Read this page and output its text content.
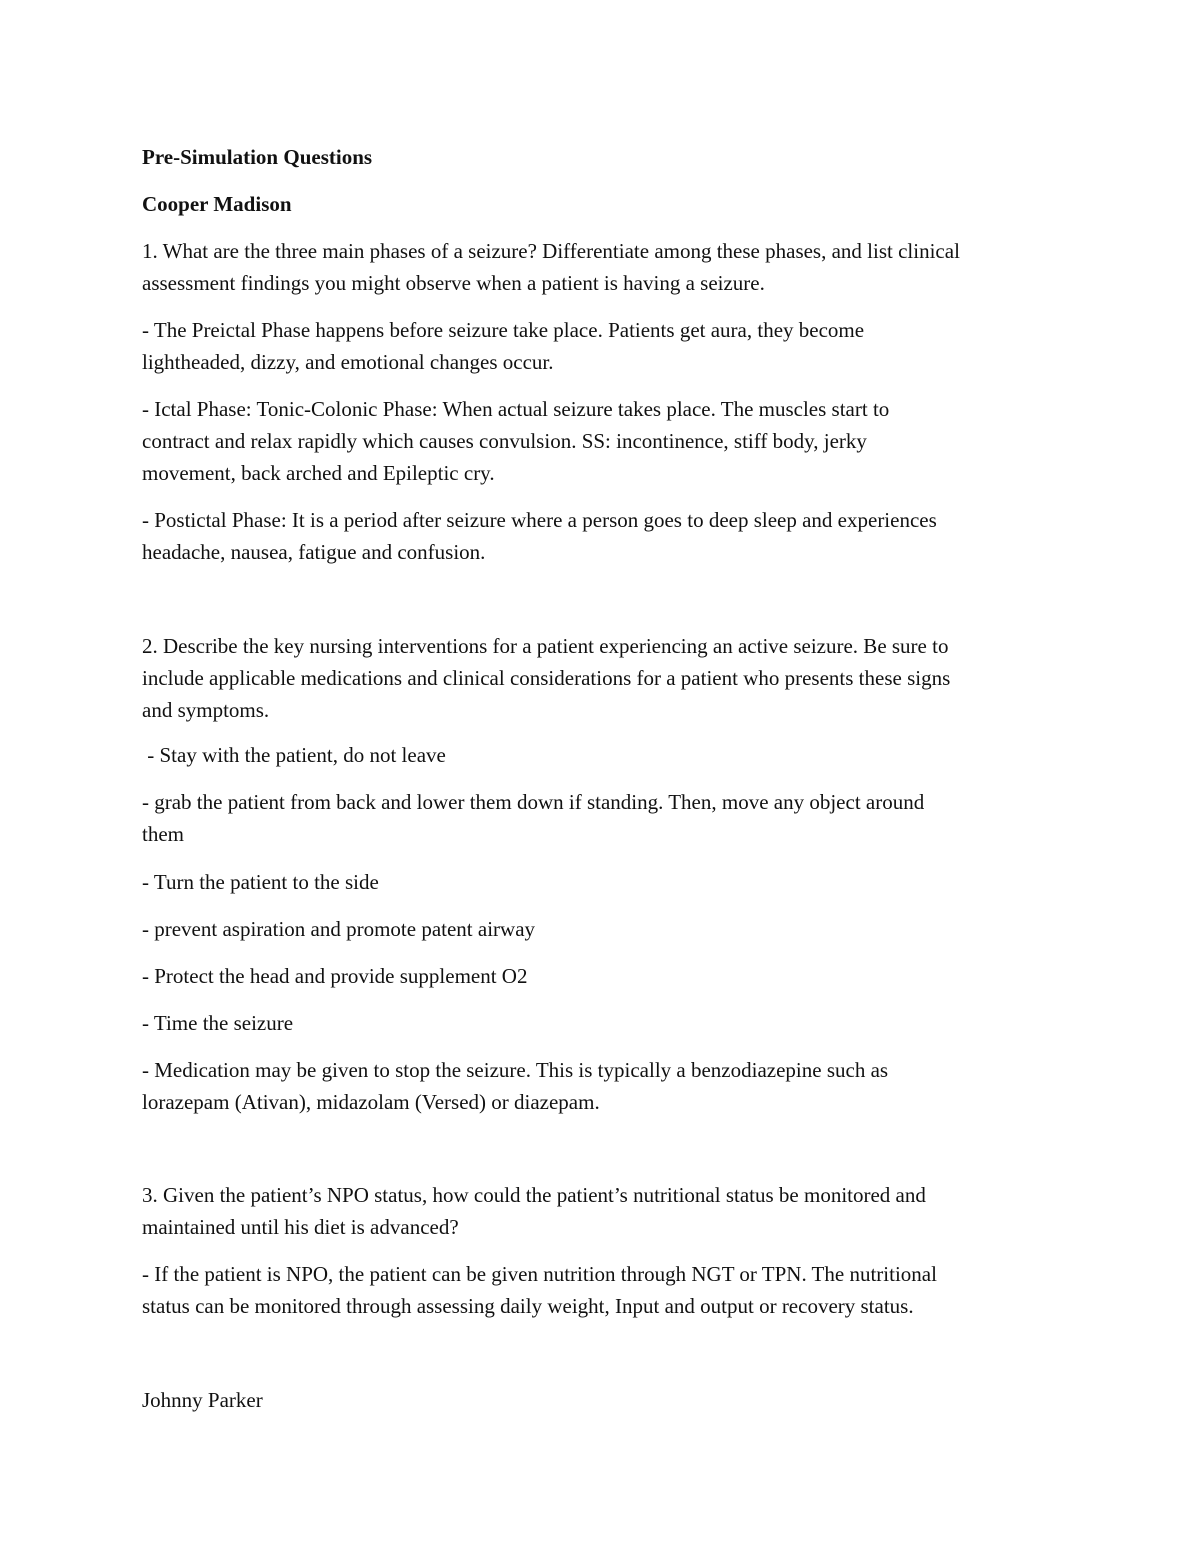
Pre-Simulation Questions

Cooper Madison

1. What are the three main phases of a seizure? Differentiate among these phases, and list clinical

assessment findings you might observe when a patient is having a seizure.

- The Preictal Phase happens before seizure take place. Patients get aura, they become

lightheaded, dizzy, and emotional changes occur.

- Ictal Phase: Tonic-Colonic Phase: When actual seizure takes place. The muscles start to

contract and relax rapidly which causes convulsion. SS: incontinence, stiff body, jerky

movement, back arched and Epileptic cry.

- Postictal Phase: It is a period after seizure where a person goes to deep sleep and experiences

headache, nausea, fatigue and confusion.

2. Describe the key nursing interventions for a patient experiencing an active seizure. Be sure to

include applicable medications and clinical considerations for a patient who presents these signs

and symptoms.

- Stay with the patient, do not leave

- grab the patient from back and lower them down if standing. Then, move any object around

them

- Turn the patient to the side

- prevent aspiration and promote patent airway

- Protect the head and provide supplement O2

- Time the seizure

- Medication may be given to stop the seizure. This is typically a benzodiazepine such as

lorazepam (Ativan), midazolam (Versed) or diazepam.

3. Given the patient’s NPO status, how could the patient’s nutritional status be monitored and

maintained until his diet is advanced?

- If the patient is NPO, the patient can be given nutrition through NGT or TPN. The nutritional

status can be monitored through assessing daily weight, Input and output or recovery status.

Johnny Parker
